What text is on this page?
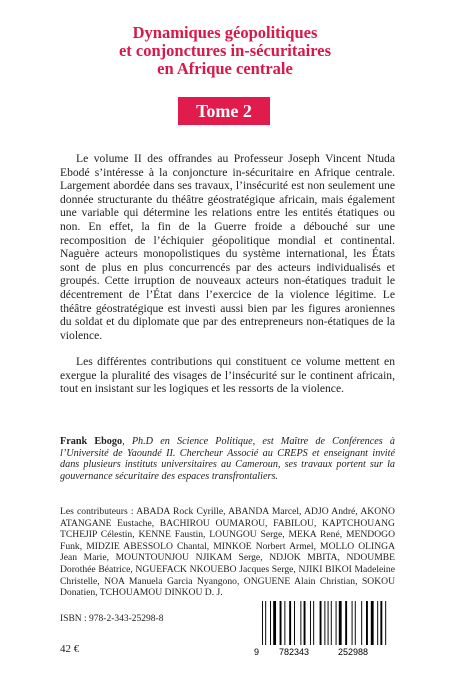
Dynamiques géopolitiques
et conjonctures in-sécuritaires
en Afrique centrale
Tome 2

Le volume II des offrandes au Professeur Joseph Vincent Ntuda Ebodé s’intéresse à la conjoncture in-sécuritaire en Afrique centrale. Largement abordée dans ses travaux, l’insécurité est non seulement une donnée structurante du théâtre géostratégique africain, mais également une variable qui détermine les relations entre les entités étatiques ou non. En effet, la fin de la Guerre froide a débouché sur une recomposition de l’échiquier géopolitique mondial et continental. Naguère acteurs monopolistiques du système international, les États sont de plus en plus concurrencés par des acteurs individualisés et groupés. Cette irruption de nouveaux acteurs non-étatiques traduit le décentrement de l’État dans l’exercice de la violence légitime. Le théâtre géostratégique est investi aussi bien par les figures aroniennes du soldat et du diplomate que par des entrepreneurs non-étatiques de la violence.

Les différentes contributions qui constituent ce volume mettent en exergue la pluralité des visages de l’insécurité sur le continent africain, tout en insistant sur les logiques et les ressorts de la violence.

Frank Ebogo, Ph.D en Science Politique, est Maître de Conférences à l’Université de Yaoundé II. Chercheur Associé au CREPS et enseignant invité dans plusieurs instituts universitaires au Cameroun, ses travaux portent sur la gouvernance sécuritaire des espaces transfrontaliers.

Les contributeurs : ABADA Rock Cyrille, ABANDA Marcel, ADJO André, AKONO ATANGANE Eustache, BACHIROU OUMAROU, FABILOU, KAPTCHOUANG TCHEJIP Célestin, KENNE Faustin, LOUNGOU Serge, MEKA René, MENDOGO Funk, MIDZIE ABESSOLO Chantal, MINKOE Norbert Armel, MOLLO OLINGA Jean Marie, MOUNTOUNJOU NJIKAM Serge, NDJOK MBITA, NDOUMBE Dorothée Béatrice, NGUEFACK NKOUEBO Jacques Serge, NJIKI BIKOI Madeleine Christelle, NOA Manuela Garcia Nyangono, ONGUENE Alain Christian, SOKOU Donatien, TCHOUAMOU DINKOU D. J.

ISBN : 978-2-343-25298-8
42 €	9 782343	252988
